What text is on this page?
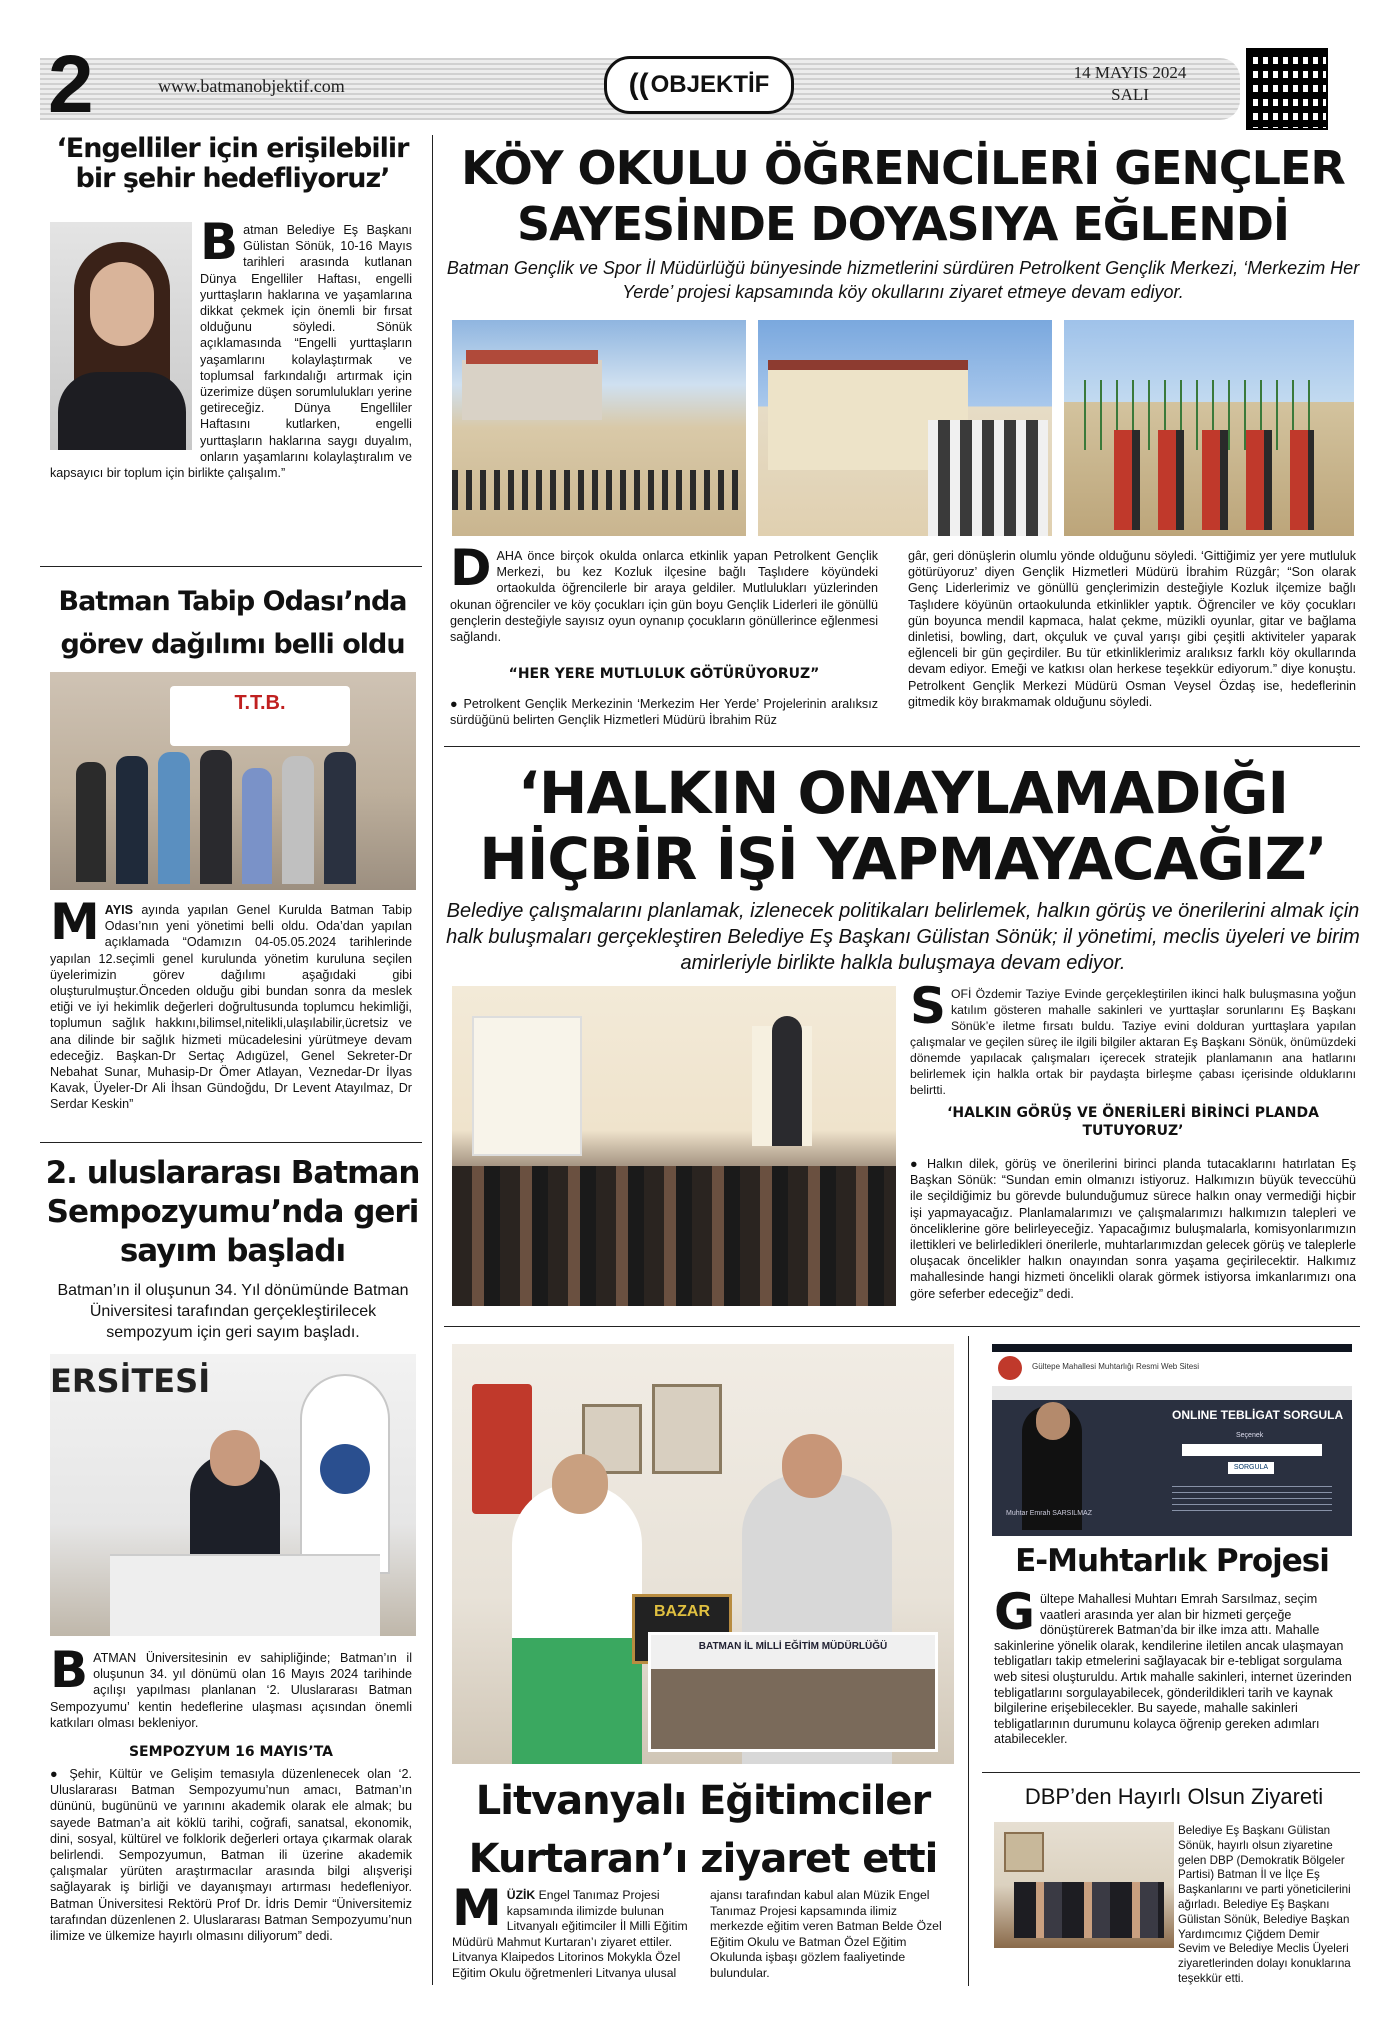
2	www.batmanobjektif.com	(( OBJEKTİF	14 MAYIS 2024
SALI
‘Engelliler için erişilebilir
bir şehir hedefliyoruz’
Batman Belediye Eş Başkanı Gülistan Sönük, 10-16 Mayıs tarihleri arasında kutlanan Dünya Engelliler Haftası, engelli yurttaşların haklarına ve yaşamlarına dikkat çekmek için önemli bir fırsat olduğunu söyledi. Sönük açıklamasında “Engelli yurttaşların yaşamlarını kolaylaştırmak ve toplumsal farkındalığı artırmak için üzerimize düşen sorumlulukları yerine getireceğiz. Dünya Engelliler Haftasını kutlarken, engelli yurttaşların haklarına saygı duyalım, onların yaşamlarını kolaylaştıralım ve kapsayıcı bir toplum için birlikte çalışalım.”
Batman Tabip Odası’nda
görev dağılımı belli oldu
T.T.B.
MAYIS ayında yapılan Genel Kurulda Batman Tabip Odası’nın yeni yönetimi belli oldu. Oda’dan yapılan açıklamada “Odamızın 04-05.05.2024 tarihlerinde yapılan 12.seçimli genel kurulunda yönetim kuruluna seçilen üyelerimizin görev dağılımı aşağıdaki gibi oluşturulmuştur.Önceden olduğu gibi bundan sonra da meslek etiği ve iyi hekimlik değerleri doğrultusunda toplumcu hekimliği, toplumun sağlık hakkını,bilimsel,nitelikli,ulaşılabilir,ücretsiz ve ana dilinde bir sağlık hizmeti mücadelesini yürütmeye devam edeceğiz. Başkan-Dr Sertaç Adıgüzel, Genel Sekreter-Dr Nebahat Sunar, Muhasip-Dr Ömer Atlayan, Veznedar-Dr İlyas Kavak, Üyeler-Dr Ali İhsan Gündoğdu, Dr Levent Atayılmaz, Dr Serdar Keskin”
2. uluslararası Batman
Sempozyumu’nda geri
sayım başladı
Batman’ın il oluşunun 34. Yıl dönümünde Batman Üniversitesi tarafından gerçekleştirilecek sempozyum için geri sayım başladı.
ERSİTESİ
BATMAN Üniversitesinin ev sahipliğinde; Batman’ın il oluşunun 34. yıl dönümü olan 16 Mayıs 2024 tarihinde açılışı yapılması planlanan ‘2. Uluslararası Batman Sempozyumu’ kentin hedeflerine ulaşması açısından önemli katkıları olması bekleniyor.
SEMPOZYUM 16 MAYIS’TA
● Şehir, Kültür ve Gelişim temasıyla düzenlenecek olan ‘2. Uluslararası Batman Sempozyumu’nun amacı, Batman’ın dününü, bugününü ve yarınını akademik olarak ele almak; bu sayede Batman’a ait köklü tarihi, coğrafi, sanatsal, ekonomik, dini, sosyal, kültürel ve folklorik değerleri ortaya çıkarmak olarak belirlendi. Sempozyumun, Batman ili üzerine akademik çalışmalar yürüten araştırmacılar arasında bilgi alışverişi sağlayarak iş birliği ve dayanışmayı artırması hedefleniyor. Batman Üniversitesi Rektörü Prof Dr. İdris Demir “Üniversitemiz tarafından düzenlenen 2. Uluslararası Batman Sempozyumu’nun ilimize ve ülkemize hayırlı olmasını diliyorum” dedi.
KÖY OKULU ÖĞRENCİLERİ GENÇLER
SAYESİNDE DOYASIYA EĞLENDİ
Batman Gençlik ve Spor İl Müdürlüğü bünyesinde hizmetlerini sürdüren Petrolkent Gençlik Merkezi, ‘Merkezim Her Yerde’ projesi kapsamında köy okullarını ziyaret etmeye devam ediyor.
DAHA önce birçok okulda onlarca etkinlik yapan Petrolkent Gençlik Merkezi, bu kez Kozluk ilçesine bağlı Taşlıdere köyündeki ortaokulda öğrencilerle bir araya geldiler. Mutlulukları yüzlerinden okunan öğrenciler ve köy çocukları için gün boyu Gençlik Liderleri ile gönüllü gençlerin desteğiyle sayısız oyun oynanıp çocukların gönüllerince eğlenmesi sağlandı.
“HER YERE MUTLULUK GÖTÜRÜYORUZ”
● Petrolkent Gençlik Merkezinin ‘Merkezim Her Yerde’ Projelerinin aralıksız sürdüğünü belirten Gençlik Hizmetleri Müdürü İbrahim Rüz
gâr, geri dönüşlerin olumlu yönde olduğunu söyledi. ‘Gittiğimiz yer yere mutluluk götürüyoruz’ diyen Gençlik Hizmetleri Müdürü İbrahim Rüzgâr; “Son olarak Genç Liderlerimiz ve gönüllü gençlerimizin desteğiyle Kozluk ilçemize bağlı Taşlıdere köyünün ortaokulunda etkinlikler yaptık. Öğrenciler ve köy çocukları gün boyunca mendil kapmaca, halat çekme, müzikli oyunlar, gitar ve bağlama dinletisi, bowling, dart, okçuluk ve çuval yarışı gibi çeşitli aktiviteler yaparak eğlenceli bir gün geçirdiler. Bu tür etkinliklerimiz aralıksız farklı köy okullarında devam ediyor. Emeği ve katkısı olan herkese teşekkür ediyorum.” diye konuştu. Petrolkent Gençlik Merkezi Müdürü Osman Veysel Özdaş ise, hedeflerinin gitmedik köy bırakmamak olduğunu söyledi.
‘HALKIN ONAYLAMADIĞI
HİÇBİR İŞİ YAPMAYACAĞIZ’
Belediye çalışmalarını planlamak, izlenecek politikaları belirlemek, halkın görüş ve önerilerini almak için halk buluşmaları gerçekleştiren Belediye Eş Başkanı Gülistan Sönük; il yönetimi, meclis üyeleri ve birim amirleriyle birlikte halkla buluşmaya devam ediyor.
SOFİ Özdemir Taziye Evinde gerçekleştirilen ikinci halk buluşmasına yoğun katılım gösteren mahalle sakinleri ve yurttaşlar sorunlarını Eş Başkanı Sönük’e iletme fırsatı buldu. Taziye evini dolduran yurttaşlara yapılan çalışmalar ve geçilen süreç ile ilgili bilgiler aktaran Eş Başkanı Sönük, önümüzdeki dönemde yapılacak çalışmaları içerecek stratejik planlamanın ana hatlarını belirlemek için halkla ortak bir paydaşta birleşme çabası içerisinde olduklarını belirtti.
‘HALKIN GÖRÜŞ VE ÖNERİLERİ BİRİNCİ PLANDA TUTUYORUZ’
● Halkın dilek, görüş ve önerilerini birinci planda tutacaklarını hatırlatan Eş Başkan Sönük: “Sundan emin olmanızı istiyoruz. Halkımızın büyük teveccühü ile seçildiğimiz bu görevde bulunduğumuz sürece halkın onay vermediği hiçbir işi yapmayacağız. Planlamalarımızı ve çalışmalarımızı halkımızın talepleri ve önceliklerine göre belirleyeceğiz. Yapacağımız buluşmalarla, komisyonlarımızın ilettikleri ve belirledikleri önerilerle, muhtarlarımızdan gelecek görüş ve taleplerle oluşacak öncelikler halkın onayından sonra yaşama geçirilecektir. Halkımız mahallesinde hangi hizmeti öncelikli olarak görmek istiyorsa imkanlarımızı ona göre seferber edeceğiz” dedi.
BAZAR
BATMAN İL MİLLİ EĞİTİM MÜDÜRLÜĞÜ
Litvanyalı Eğitimciler
Kurtaran’ı ziyaret etti
MÜZİK Engel Tanımaz Projesi kapsamında ilimizde bulunan Litvanyalı eğitimciler İl Milli Eğitim Müdürü Mahmut Kurtaran’ı ziyaret ettiler. Litvanya Klaipedos Litorinos Mokykla Özel Eğitim Okulu öğretmenleri Litvanya ulusal ajansı tarafından kabul alan Müzik Engel Tanımaz Projesi kapsamında ilimiz merkezde eğitim veren Batman Belde Özel Eğitim Okulu ve Batman Özel Eğitim Okulunda işbaşı gözlem faaliyetinde bulundular.
Gültepe Mahallesi Muhtarlığı Resmi Web Sitesi
Muhtar Emrah SARSILMAZ
ONLINE TEBLİGAT SORGULA
Seçenek
SORGULA
E-Muhtarlık Projesi
Gültepe Mahallesi Muhtarı Emrah Sarsılmaz, seçim vaatleri arasında yer alan bir hizmeti gerçeğe dönüştürerek Batman’da bir ilke imza attı. Mahalle sakinlerine yönelik olarak, kendilerine iletilen ancak ulaşmayan tebligatları takip etmelerini sağlayacak bir e-tebligat sorgulama web sitesi oluşturuldu. Artık mahalle sakinleri, internet üzerinden tebligatlarını sorgulayabilecek, gönderildikleri tarih ve kaynak bilgilerine erişebilecekler. Bu sayede, mahalle sakinleri tebligatlarının durumunu kolayca öğrenip gereken adımları atabilecekler.
DBP’den Hayırlı Olsun Ziyareti
Belediye Eş Başkanı Gülistan Sönük, hayırlı olsun ziyaretine gelen DBP (Demokratik Bölgeler Partisi) Batman İl ve İlçe Eş Başkanlarını ve parti yöneticilerini ağırladı. Belediye Eş Başkanı Gülistan Sönük, Belediye Başkan Yardımcımız Çiğdem Demir Sevim ve Belediye Meclis Üyeleri ziyaretlerinden dolayı konuklarına teşekkür etti.
